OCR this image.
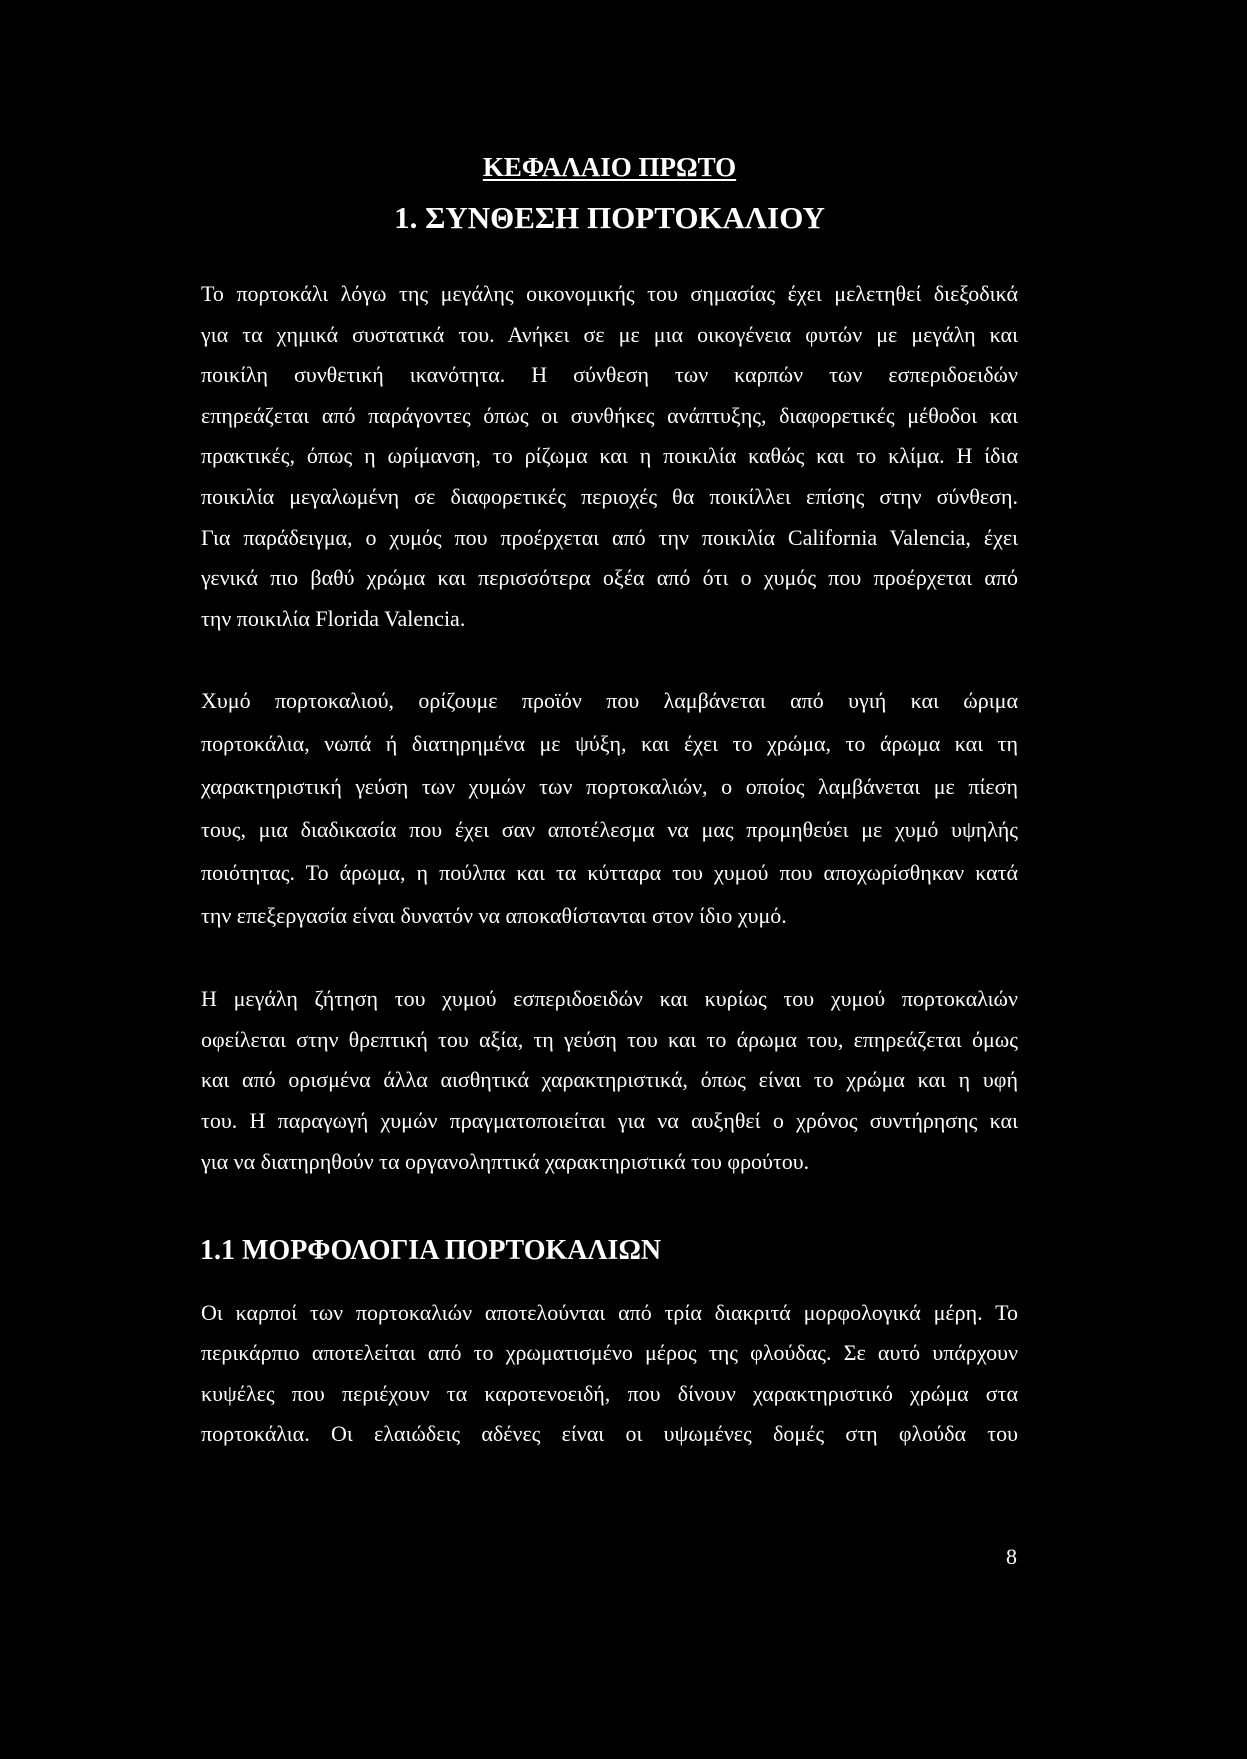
ΚΕΦΑΛΑΙΟ ΠΡΩΤΟ
1. ΣΥΝΘΕΣΗ ΠΟΡΤΟΚΑΛΙΟΥ
Το πορτοκάλι λόγω της μεγάλης οικονομικής του σημασίας έχει μελετηθεί διεξοδικά
για τα χημικά συστατικά του. Ανήκει σε με μια οικογένεια φυτών με μεγάλη και
ποικίλη συνθετική ικανότητα. Η σύνθεση των καρπών των εσπεριδοειδών
επηρεάζεται από παράγοντες όπως οι συνθήκες ανάπτυξης, διαφορετικές μέθοδοι και
πρακτικές, όπως η ωρίμανση, το ρίζωμα και η ποικιλία καθώς και το κλίμα. Η ίδια
ποικιλία μεγαλωμένη σε διαφορετικές περιοχές θα ποικίλλει επίσης στην σύνθεση.
Για παράδειγμα, ο χυμός που προέρχεται από την ποικιλία California Valencia, έχει
γενικά πιο βαθύ χρώμα και περισσότερα οξέα από ότι ο χυμός που προέρχεται από
την ποικιλία Florida Valencia.
Χυμό πορτοκαλιού, ορίζουμε προϊόν που λαμβάνεται από υγιή και ώριμα
πορτοκάλια, νωπά ή διατηρημένα με ψύξη, και έχει το χρώμα, το άρωμα και τη
χαρακτηριστική γεύση των χυμών των πορτοκαλιών, ο οποίος λαμβάνεται με πίεση
τους, μια διαδικασία που έχει σαν αποτέλεσμα να μας προμηθεύει με χυμό υψηλής
ποιότητας. Το άρωμα, η πούλπα και τα κύτταρα του χυμού που αποχωρίσθηκαν κατά
την επεξεργασία είναι δυνατόν να αποκαθίστανται στον ίδιο χυμό.
Η μεγάλη ζήτηση του χυμού εσπεριδοειδών και κυρίως του χυμού πορτοκαλιών
οφείλεται στην θρεπτική του αξία, τη γεύση του και το άρωμα του, επηρεάζεται όμως
και από ορισμένα άλλα αισθητικά χαρακτηριστικά, όπως είναι το χρώμα και η υφή
του. Η παραγωγή χυμών πραγματοποιείται για να αυξηθεί ο χρόνος συντήρησης και
για να διατηρηθούν τα οργανοληπτικά χαρακτηριστικά του φρούτου.
1.1 ΜΟΡΦΟΛΟΓΙΑ ΠΟΡΤΟΚΑΛΙΩΝ
Οι καρποί των πορτοκαλιών αποτελούνται από τρία διακριτά μορφολογικά μέρη. Το
περικάρπιο αποτελείται από το χρωματισμένο μέρος της φλούδας. Σε αυτό υπάρχουν
κυψέλες που περιέχουν τα καροτενοειδή, που δίνουν χαρακτηριστικό χρώμα στα
πορτοκάλια. Οι ελαιώδεις αδένες είναι οι υψωμένες δομές στη φλούδα του
8
